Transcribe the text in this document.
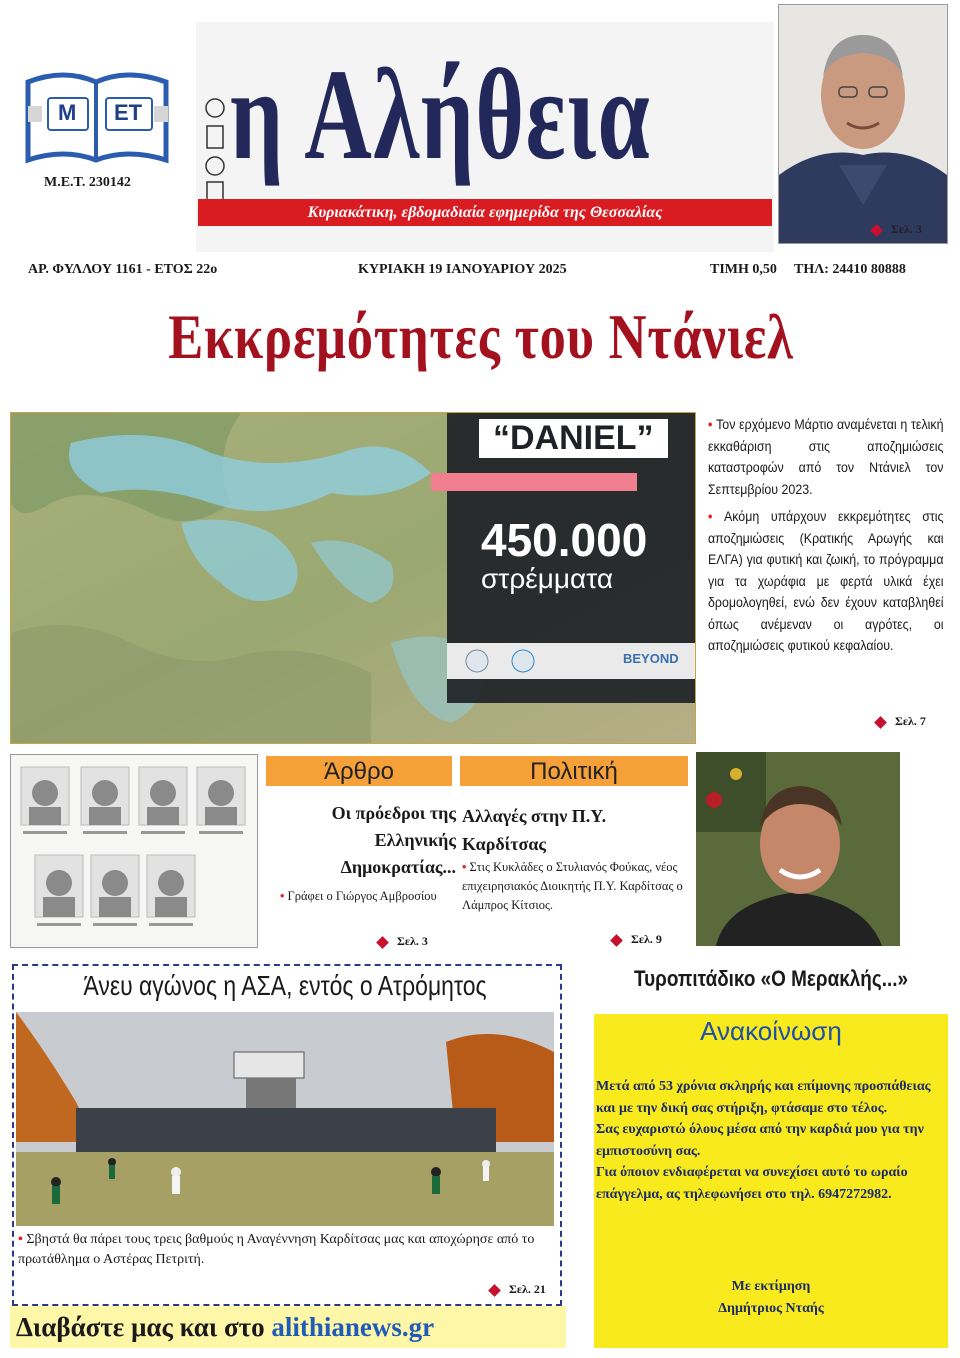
Μ ΕΤ
Μ.Ε.Τ. 230142 η Αλήθεια
Κυριακάτικη, εβδομαδιαία εφημερίδα της Θεσσαλίας
Σελ. 3
ΑΡ. ΦΥΛΛΟΥ 1161 - ΕΤΟΣ 22ο	ΚΥΡΙΑΚΗ 19 ΙΑΝΟΥΑΡΙΟΥ 2025	ΤΙΜΗ 0,50 ΤΗΛ: 24410 80888
Εκκρεμότητες του Ντάνιελ
“DANIEL”
450.000
στρέμματα
BEYOND

• Τον ερχόμενο Μάρτιο αναμένεται η τελική εκκαθάριση στις αποζημιώσεις καταστροφών από τον Ντάνιελ τον Σεπτεμβρίου 2023.

• Ακόμη υπάρχουν εκκρεμότητες στις αποζημιώσεις (Κρατικής Αρωγής και ΕΛΓΑ) για φυτική και ζωική, το πρόγραμμα για τα χωράφια με φερτά υλικά έχει δρομολογηθεί, ενώ δεν έχουν καταβληθεί όπως ανέμεναν οι αγρότες, οι αποζημιώσεις φυτικού κεφαλαίου.

Σελ. 7
Άρθρο
Οι πρόεδροι της Ελληνικής Δημοκρατίας...
• Γράφει ο Γιώργος Αμβροσίου
Σελ. 3
Πολιτική
Αλλαγές στην Π.Υ. Καρδίτσας
• Στις Κυκλάδες ο Στυλιανός Φούκας, νέος επιχειρησιακός Διοικητής Π.Υ. Καρδίτσας ο Λάμπρος Κίτσιος.
Σελ. 9
Άνευ αγώνος η ΑΣΑ, εντός ο Ατρόμητος
• Σβηστά θα πάρει τους τρεις βαθμούς η Αναγέννηση Καρδίτσας μας και αποχώρησε από το πρωτάθλημα ο Αστέρας Πετριτή.
Σελ. 21
Διαβάστε μας και στο alithianews.gr
Τυροπιτάδικο «Ο Μερακλής...»
Ανακοίνωση

Μετά από 53 χρόνια σκληρής και επίμονης προσπάθειας και με την δική σας στήριξη, φτάσαμε στο τέλος.

Σας ευχαριστώ όλους μέσα από την καρδιά μου για την εμπιστοσύνη σας.

Για όποιον ενδιαφέρεται να συνεχίσει αυτό το ωραίο επάγγελμα, ας τηλεφωνήσει στο τηλ. 6947272982.

Με εκτίμηση
Δημήτριος Νταής
